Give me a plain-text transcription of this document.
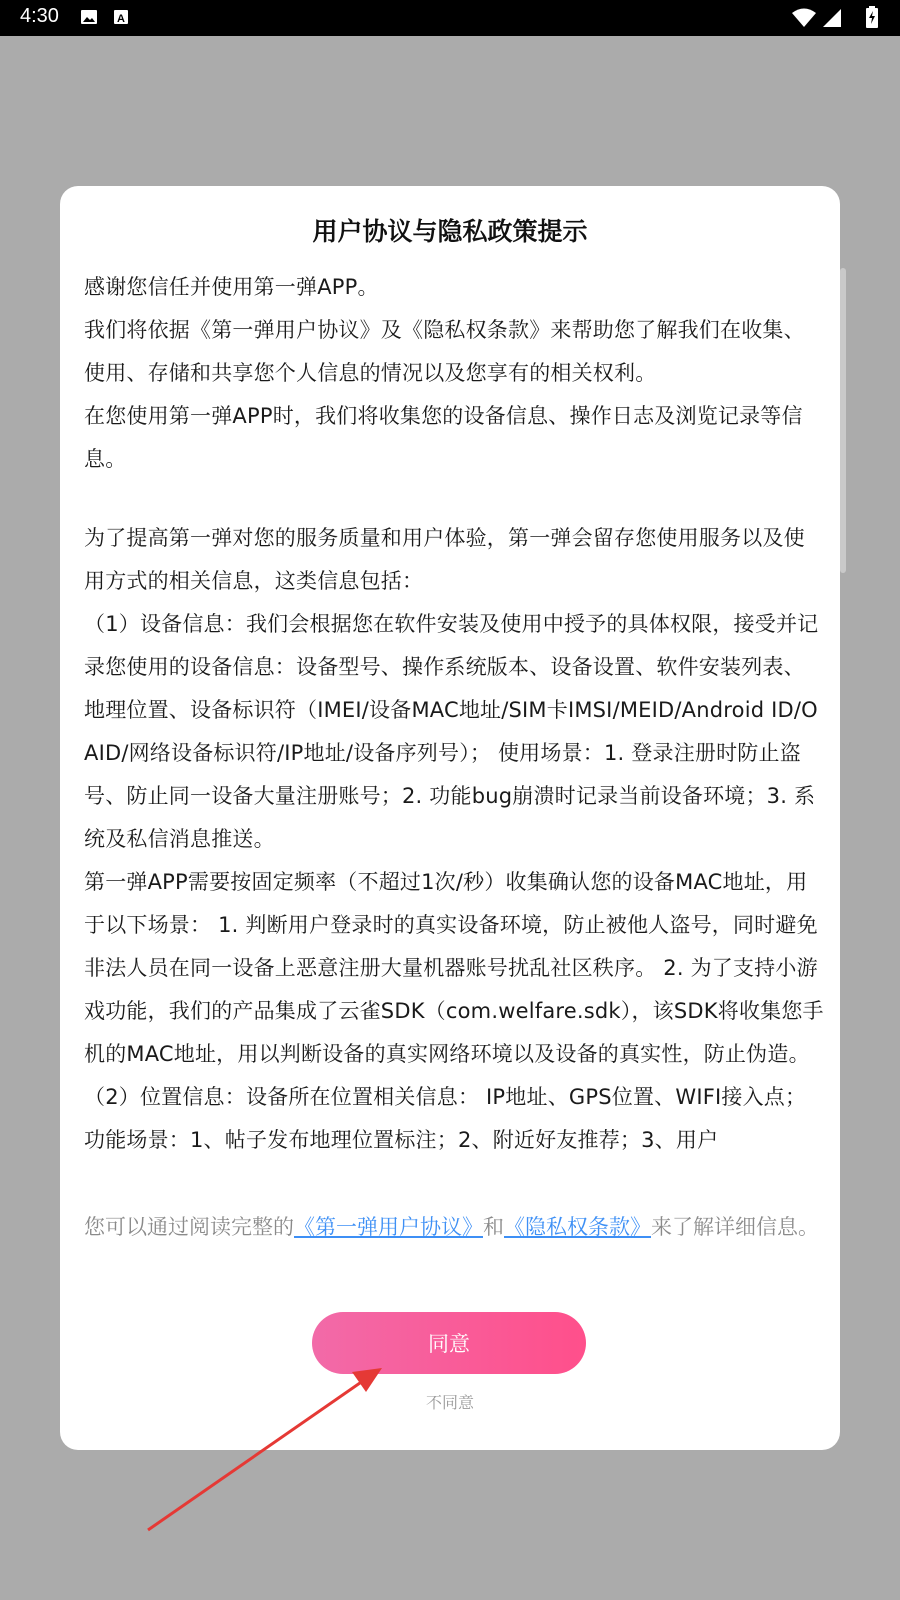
4:30	A
用户协议与隐私政策提示

感谢您信任并使用第一弹APP。

我们将依据《第一弹用户协议》及《隐私权条款》来帮助您了解我们在收集、使用、存储和共享您个人信息的情况以及您享有的相关权利。

在您使用第一弹APP时，我们将收集您的设备信息、操作日志及浏览记录等信息。

为了提高第一弹对您的服务质量和用户体验，第一弹会留存您使用服务以及使用方式的相关信息，这类信息包括：

（1）设备信息：我们会根据您在软件安装及使用中授予的具体权限，接受并记录您使用的设备信息：设备型号、操作系统版本、设备设置、软件安装列表、地理位置、设备标识符（IMEI/设备MAC地址/SIM卡IMSI/MEID/Android ID/OAID/网络设备标识符/IP地址/设备序列号）； 使用场景：1. 登录注册时防止盗号、防止同一设备大量注册账号；2. 功能bug崩溃时记录当前设备环境；3. 系统及私信消息推送。

第一弹APP需要按固定频率（不超过1次/秒）收集确认您的设备MAC地址，用于以下场景： 1. 判断用户登录时的真实设备环境，防止被他人盗号，同时避免非法人员在同一设备上恶意注册大量机器账号扰乱社区秩序。 2. 为了支持小游戏功能，我们的产品集成了云雀SDK（com.welfare.sdk），该SDK将收集您手机的MAC地址，用以判断设备的真实网络环境以及设备的真实性，防止伪造。

（2）位置信息：设备所在位置相关信息： IP地址、GPS位置、WIFI接入点；功能场景：1、帖子发布地理位置标注；2、附近好友推荐；3、用户

您可以通过阅读完整的《第一弹用户协议》和《隐私权条款》来了解详细信息。

同意
不同意
